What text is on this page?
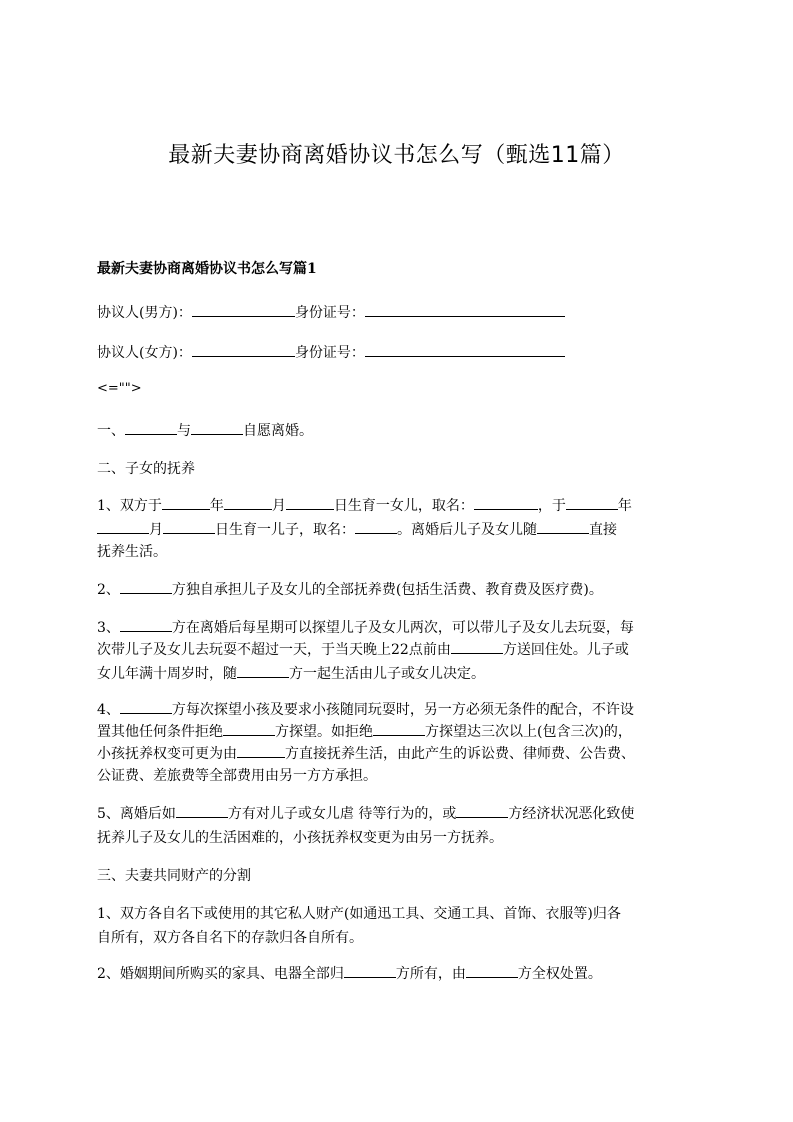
最新夫妻协商离婚协议书怎么写（甄选11篇）
最新夫妻协商离婚协议书怎么写篇1
协议人(男方)：	身份证号：
协议人(女方)：	身份证号：
<="">
一、	与	自愿离婚。
二、子女的抚养
1、双方于	年	月	日生育一女儿，取名：	，于	年
月	日生育一儿子，取名：	。离婚后儿子及女儿随	直接
抚养生活。
2、	方独自承担儿子及女儿的全部抚养费(包括生活费、教育费及医疗费)。
3、	方在离婚后每星期可以探望儿子及女儿两次，可以带儿子及女儿去玩耍，每
次带儿子及女儿去玩耍不超过一天，于当天晚上22点前由	方送回住处。儿子或
女儿年满十周岁时，随	方一起生活由儿子或女儿决定。
4、	方每次探望小孩及要求小孩随同玩耍时，另一方必须无条件的配合，不许设
置其他任何条件拒绝	方探望。如拒绝	方探望达三次以上(包含三次)的，
小孩抚养权变可更为由	方直接抚养生活，由此产生的诉讼费、律师费、公告费、
公证费、差旅费等全部费用由另一方方承担。
5、离婚后如	方有对儿子或女儿虐 待等行为的，或	方经济状况恶化致使
抚养儿子及女儿的生活困难的，小孩抚养权变更为由另一方抚养。
三、夫妻共同财产的分割
1、双方各自名下或使用的其它私人财产(如通迅工具、交通工具、首饰、衣服等)归各
自所有，双方各自名下的存款归各自所有。
2、婚姻期间所购买的家具、电器全部归	方所有，由	方全权处置。
